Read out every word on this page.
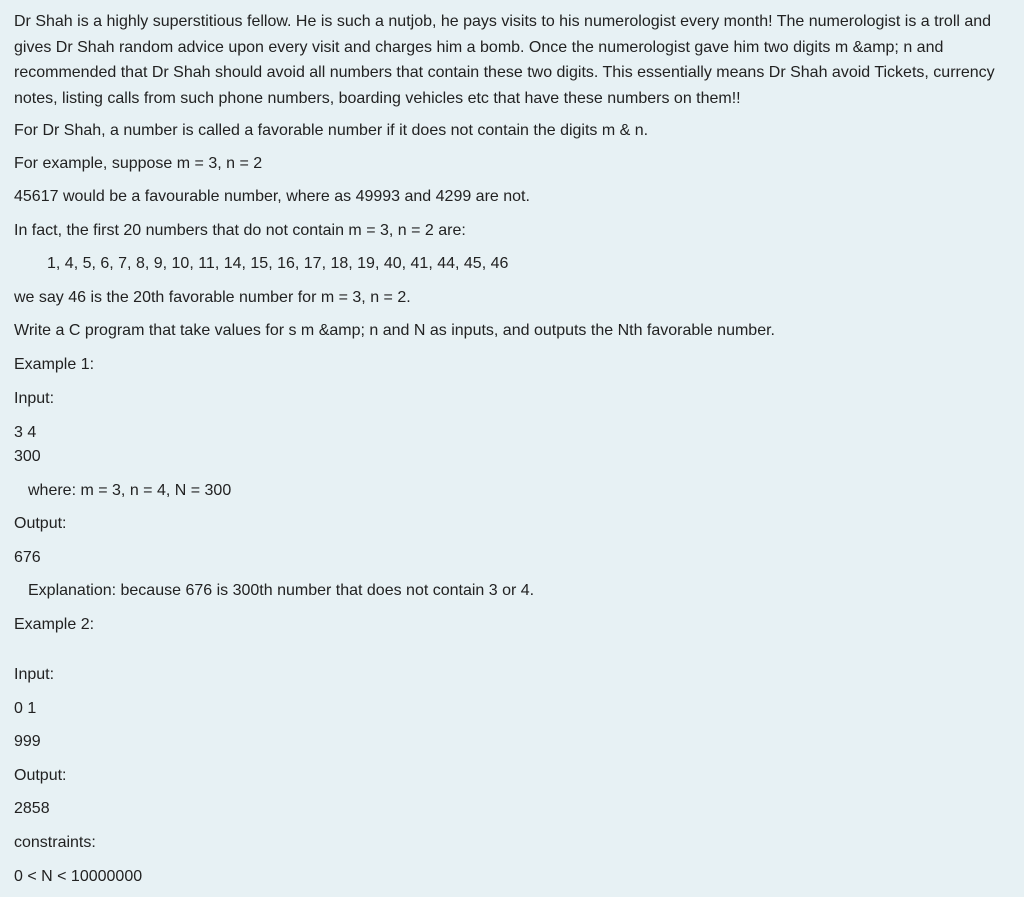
Dr Shah is a highly superstitious fellow. He is such a nutjob, he pays visits to his numerologist every month! The numerologist is a troll and gives Dr Shah random advice upon every visit and charges him a bomb. Once the numerologist gave him two digits m &amp; n and recommended that Dr Shah should avoid all numbers that contain these two digits. This essentially means Dr Shah avoid Tickets, currency notes, listing calls from such phone numbers, boarding vehicles etc that have these numbers on them!!

For Dr Shah, a number is called a favorable number if it does not contain the digits m & n.
For example, suppose m = 3, n = 2
45617 would be a favourable number, where as 49993 and 4299 are not.
In fact, the first 20 numbers that do not contain m = 3, n = 2 are:
1, 4, 5, 6, 7, 8, 9, 10, 11, 14, 15, 16, 17, 18, 19, 40, 41, 44, 45, 46
we say 46 is the 20th favorable number for m = 3, n = 2.
Write a C program that take values for s m &amp; n and N as inputs, and outputs the Nth favorable number.
Example 1:
Input:
3 4
300
where: m = 3, n = 4, N = 300
Output:
676
Explanation: because 676 is 300th number that does not contain 3 or 4.
Example 2:
Input:
0 1
999
Output:
2858
constraints:
0 < N < 10000000
